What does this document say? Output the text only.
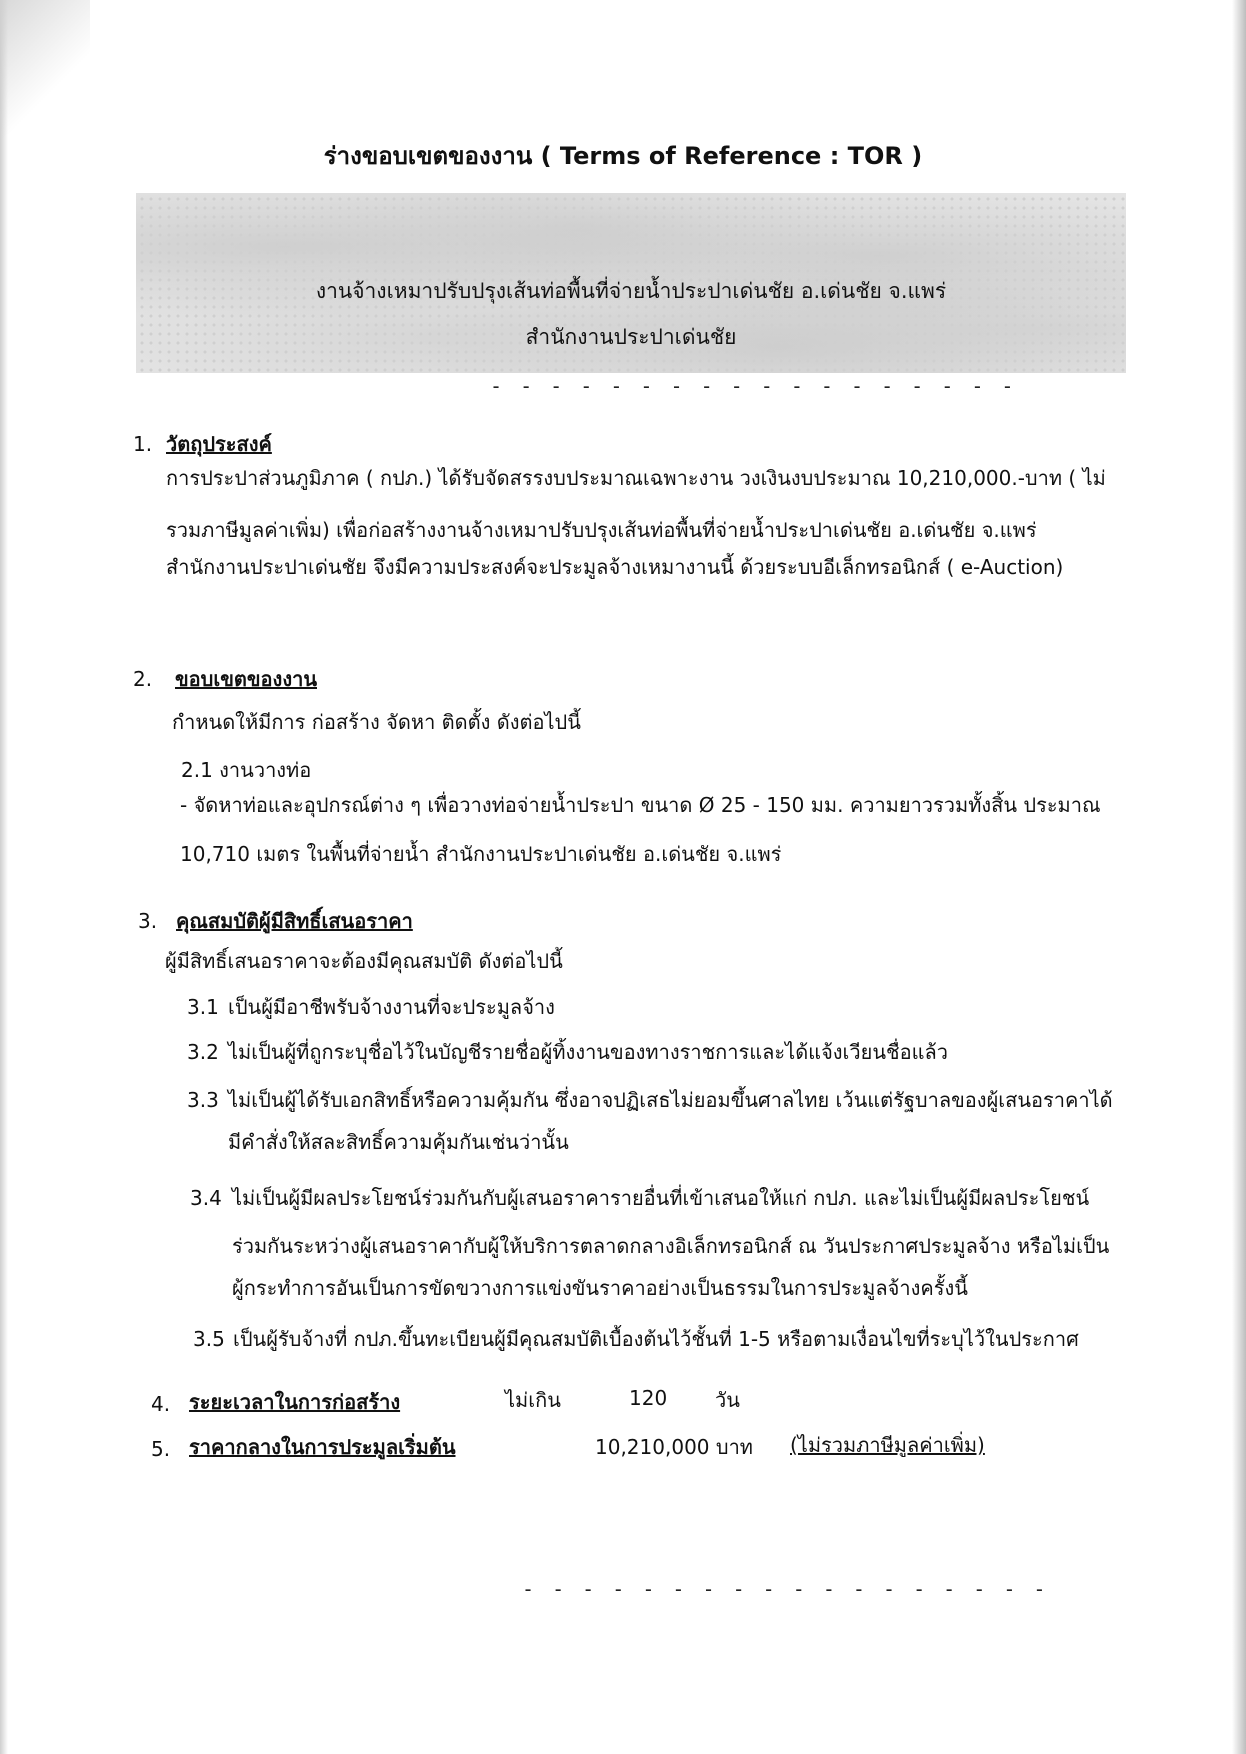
ร่างขอบเขตของงาน ( Terms of Reference : TOR )
งานจ้างเหมาปรับปรุงเส้นท่อพื้นที่จ่ายน้ำประปาเด่นชัย อ.เด่นชัย จ.แพร่
สำนักงานประปาเด่นชัย
- - - - - - - - - - - - - - - - - -
1. วัตถุประสงค์
การประปาส่วนภูมิภาค ( กปภ.) ได้รับจัดสรรงบประมาณเฉพาะงาน วงเงินงบประมาณ 10,210,000.-บาท ( ไม่
รวมภาษีมูลค่าเพิ่ม) เพื่อก่อสร้างงานจ้างเหมาปรับปรุงเส้นท่อพื้นที่จ่ายน้ำประปาเด่นชัย อ.เด่นชัย จ.แพร่
สำนักงานประปาเด่นชัย จึงมีความประสงค์จะประมูลจ้างเหมางานนี้ ด้วยระบบอีเล็กทรอนิกส์ ( e-Auction)
2. ขอบเขตของงาน
กำหนดให้มีการ ก่อสร้าง จัดหา ติดตั้ง ดังต่อไปนี้
2.1 งานวางท่อ
- จัดหาท่อและอุปกรณ์ต่าง ๆ เพื่อวางท่อจ่ายน้ำประปา ขนาด Ø 25 - 150 มม. ความยาวรวมทั้งสิ้น ประมาณ
10,710 เมตร ในพื้นที่จ่ายน้ำ สำนักงานประปาเด่นชัย อ.เด่นชัย จ.แพร่
3. คุณสมบัติผู้มีสิทธิ์เสนอราคา
ผู้มีสิทธิ์เสนอราคาจะต้องมีคุณสมบัติ ดังต่อไปนี้
3.1 เป็นผู้มีอาชีพรับจ้างงานที่จะประมูลจ้าง
3.2 ไม่เป็นผู้ที่ถูกระบุชื่อไว้ในบัญชีรายชื่อผู้ทิ้งงานของทางราชการและได้แจ้งเวียนชื่อแล้ว
3.3 ไม่เป็นผู้ได้รับเอกสิทธิ์หรือความคุ้มกัน ซึ่งอาจปฏิเสธไม่ยอมขึ้นศาลไทย เว้นแต่รัฐบาลของผู้เสนอราคาได้
มีคำสั่งให้สละสิทธิ์ความคุ้มกันเช่นว่านั้น
3.4 ไม่เป็นผู้มีผลประโยชน์ร่วมกันกับผู้เสนอราคารายอื่นที่เข้าเสนอให้แก่ กปภ. และไม่เป็นผู้มีผลประโยชน์
ร่วมกันระหว่างผู้เสนอราคากับผู้ให้บริการตลาดกลางอิเล็กทรอนิกส์ ณ วันประกาศประมูลจ้าง หรือไม่เป็น
ผู้กระทำการอันเป็นการขัดขวางการแข่งขันราคาอย่างเป็นธรรมในการประมูลจ้างครั้งนี้
3.5 เป็นผู้รับจ้างที่ กปภ.ขึ้นทะเบียนผู้มีคุณสมบัติเบื้องต้นไว้ชั้นที่ 1-5 หรือตามเงื่อนไขที่ระบุไว้ในประกาศ
4. ระยะเวลาในการก่อสร้าง	ไม่เกิน	120 วัน
5. ราคากลางในการประมูลเริ่มต้น	10,210,000 บาท (ไม่รวมภาษีมูลค่าเพิ่ม)
- - - - - - - - - - - - - - - - - -
